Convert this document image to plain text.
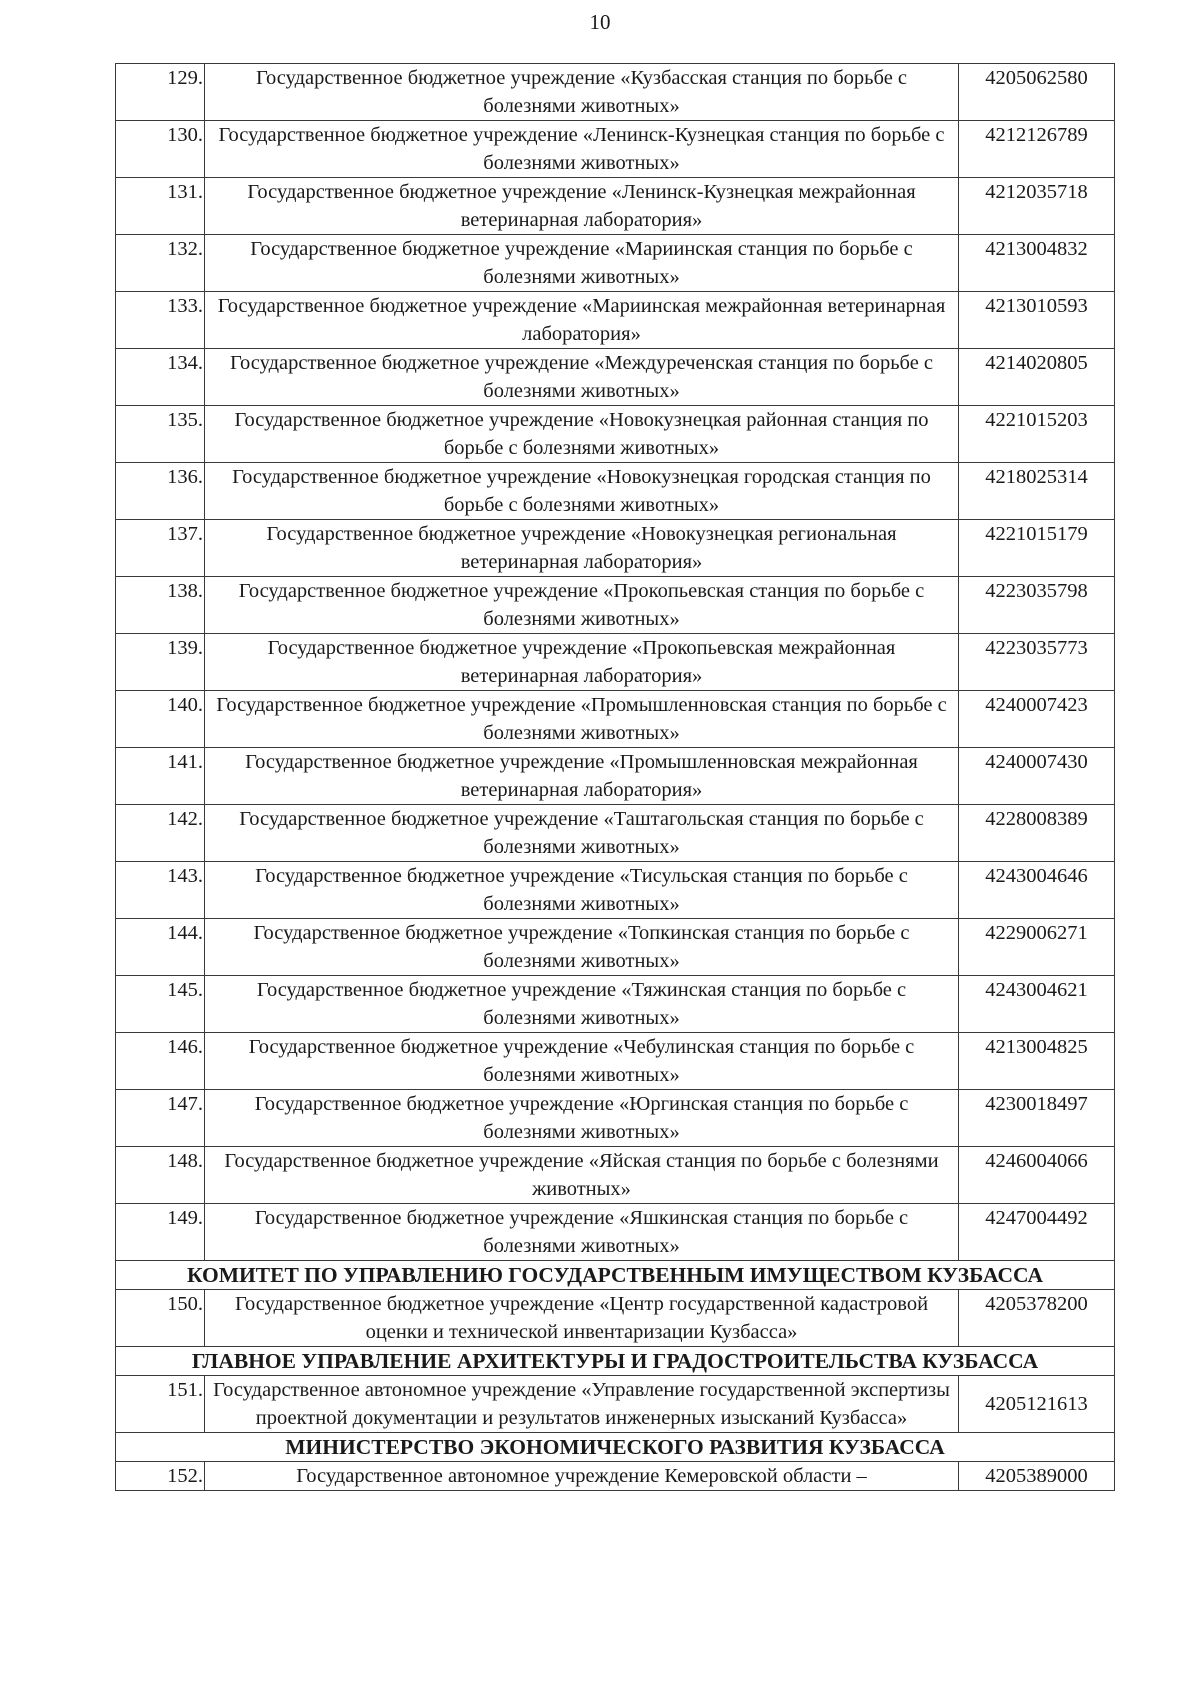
10
129.	Государственное бюджетное учреждение «Кузбасская станция по борьбе с болезнями животных»	4205062580
130.	Государственное бюджетное учреждение «Ленинск-Кузнецкая станция по борьбе с болезнями животных»	4212126789
131.	Государственное бюджетное учреждение «Ленинск-Кузнецкая межрайонная ветеринарная лаборатория»	4212035718
132.	Государственное бюджетное учреждение «Мариинская станция по борьбе с болезнями животных»	4213004832
133.	Государственное бюджетное учреждение «Мариинская межрайонная ветеринарная лаборатория»	4213010593
134.	Государственное бюджетное учреждение «Междуреченская станция по борьбе с болезнями животных»	4214020805
135.	Государственное бюджетное учреждение «Новокузнецкая районная станция по борьбе с болезнями животных»	4221015203
136.	Государственное бюджетное учреждение «Новокузнецкая городская станция по борьбе с болезнями животных»	4218025314
137.	Государственное бюджетное учреждение «Новокузнецкая региональная ветеринарная лаборатория»	4221015179
138.	Государственное бюджетное учреждение «Прокопьевская станция по борьбе с болезнями животных»	4223035798
139.	Государственное бюджетное учреждение «Прокопьевская межрайонная ветеринарная лаборатория»	4223035773
140.	Государственное бюджетное учреждение «Промышленновская станция по борьбе с болезнями животных»	4240007423
141.	Государственное бюджетное учреждение «Промышленновская межрайонная ветеринарная лаборатория»	4240007430
142.	Государственное бюджетное учреждение «Таштагольская станция по борьбе с болезнями животных»	4228008389
143.	Государственное бюджетное учреждение «Тисульская станция по борьбе с болезнями животных»	4243004646
144.	Государственное бюджетное учреждение «Топкинская станция по борьбе с болезнями животных»	4229006271
145.	Государственное бюджетное учреждение «Тяжинская станция по борьбе с болезнями животных»	4243004621
146.	Государственное бюджетное учреждение «Чебулинская станция по борьбе с болезнями животных»	4213004825
147.	Государственное бюджетное учреждение «Юргинская станция по борьбе с болезнями животных»	4230018497
148.	Государственное бюджетное учреждение «Яйская станция по борьбе с болезнями животных»	4246004066
149.	Государственное бюджетное учреждение «Яшкинская станция по борьбе с болезнями животных»	4247004492
КОМИТЕТ ПО УПРАВЛЕНИЮ ГОСУДАРСТВЕННЫМ ИМУЩЕСТВОМ КУЗБАССА		
150.	Государственное бюджетное учреждение «Центр государственной кадастровой оценки и технической инвентаризации Кузбасса»	4205378200
ГЛАВНОЕ УПРАВЛЕНИЕ АРХИТЕКТУРЫ И ГРАДОСТРОИТЕЛЬСТВА КУЗБАССА		
151.	Государственное автономное учреждение «Управление государственной экспертизы проектной документации и результатов инженерных изысканий Кузбасса»	4205121613
МИНИСТЕРСТВО ЭКОНОМИЧЕСКОГО РАЗВИТИЯ КУЗБАССА		
152.	Государственное автономное учреждение Кемеровской области –	4205389000
